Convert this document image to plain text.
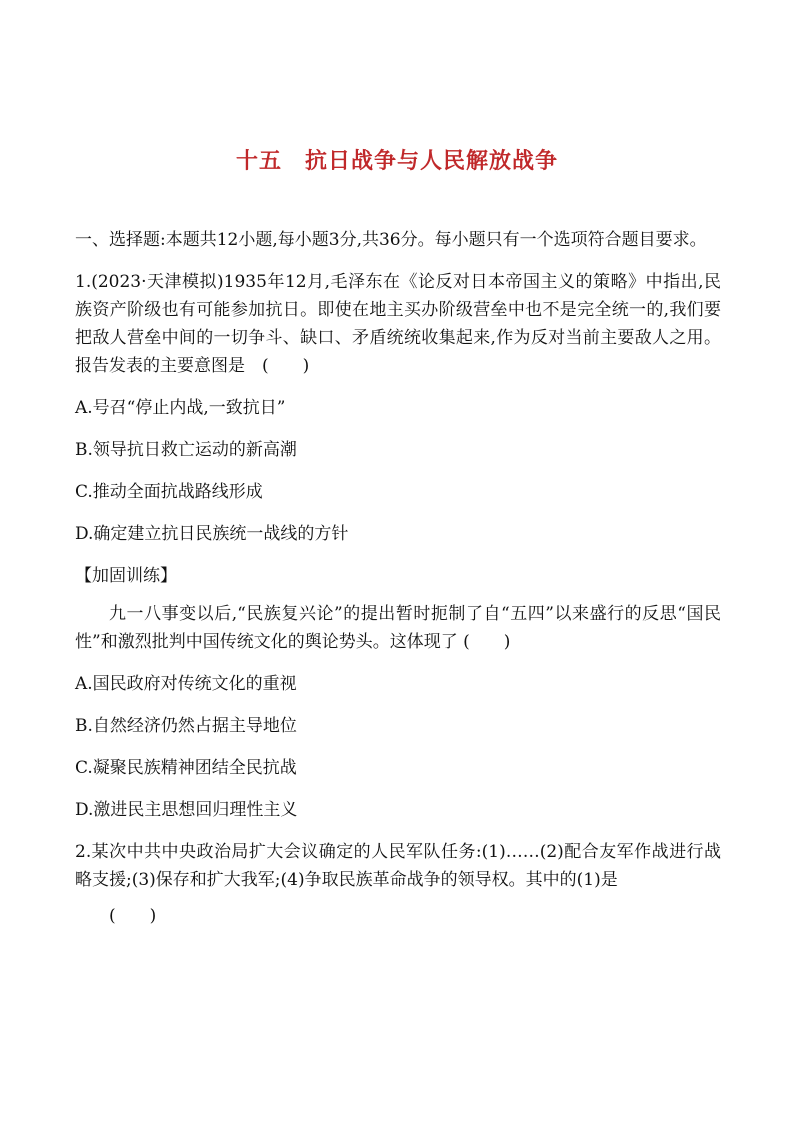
十五　抗日战争与人民解放战争

一、选择题:本题共12小题,每小题3分,共36分。每小题只有一个选项符合题目要求。

1.(2023·天津模拟)1935年12月,毛泽东在《论反对日本帝国主义的策略》中指出,民族资产阶级也有可能参加抗日。即使在地主买办阶级营垒中也不是完全统一的,我们要把敌人营垒中间的一切争斗、缺口、矛盾统统收集起来,作为反对当前主要敌人之用。报告发表的主要意图是　(　　)

A.号召“停止内战,一致抗日”

B.领导抗日救亡运动的新高潮

C.推动全面抗战路线形成

D.确定建立抗日民族统一战线的方针

【加固训练】

九一八事变以后,“民族复兴论”的提出暂时扼制了自“五四”以来盛行的反思“国民性”和激烈批判中国传统文化的舆论势头。这体现了 (　　)

A.国民政府对传统文化的重视

B.自然经济仍然占据主导地位

C.凝聚民族精神团结全民抗战

D.激进民主思想回归理性主义

2.某次中共中央政治局扩大会议确定的人民军队任务:(1)……(2)配合友军作战进行战略支援;(3)保存和扩大我军;(4)争取民族革命战争的领导权。其中的(1)是

(　　)
